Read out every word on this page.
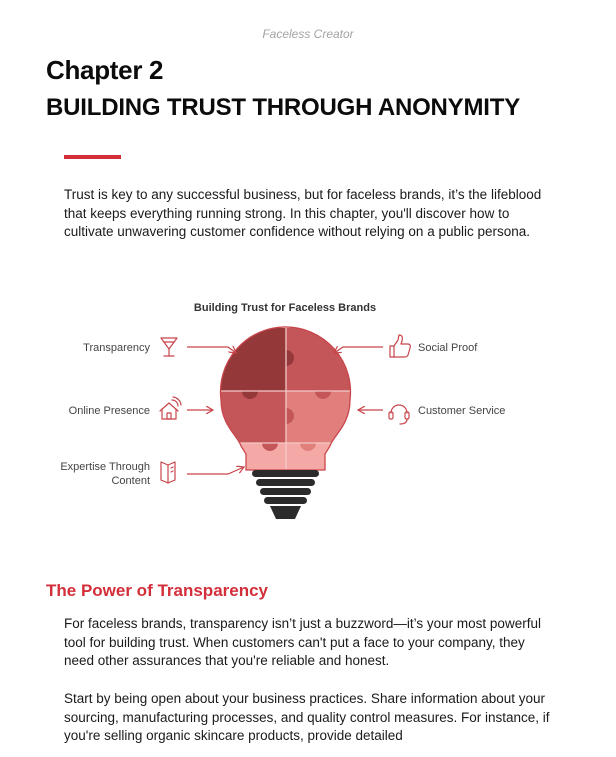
Faceless Creator
Chapter 2
BUILDING TRUST THROUGH ANONYMITY

Trust is key to any successful business, but for faceless brands, it’s the lifeblood that keeps everything running strong. In this chapter, you'll discover how to cultivate unwavering customer confidence without relying on a public persona.

Building Trust for Faceless Brands
Transparency
Online Presence
Expertise Through
Content
Social Proof
Customer Service
The Power of Transparency

For faceless brands, transparency isn’t just a buzzword—it’s your most powerful tool for building trust. When customers can't put a face to your company, they need other assurances that you're reliable and honest.

Start by being open about your business practices. Share information about your sourcing, manufacturing processes, and quality control measures. For instance, if you're selling organic skincare products, provide detailed
